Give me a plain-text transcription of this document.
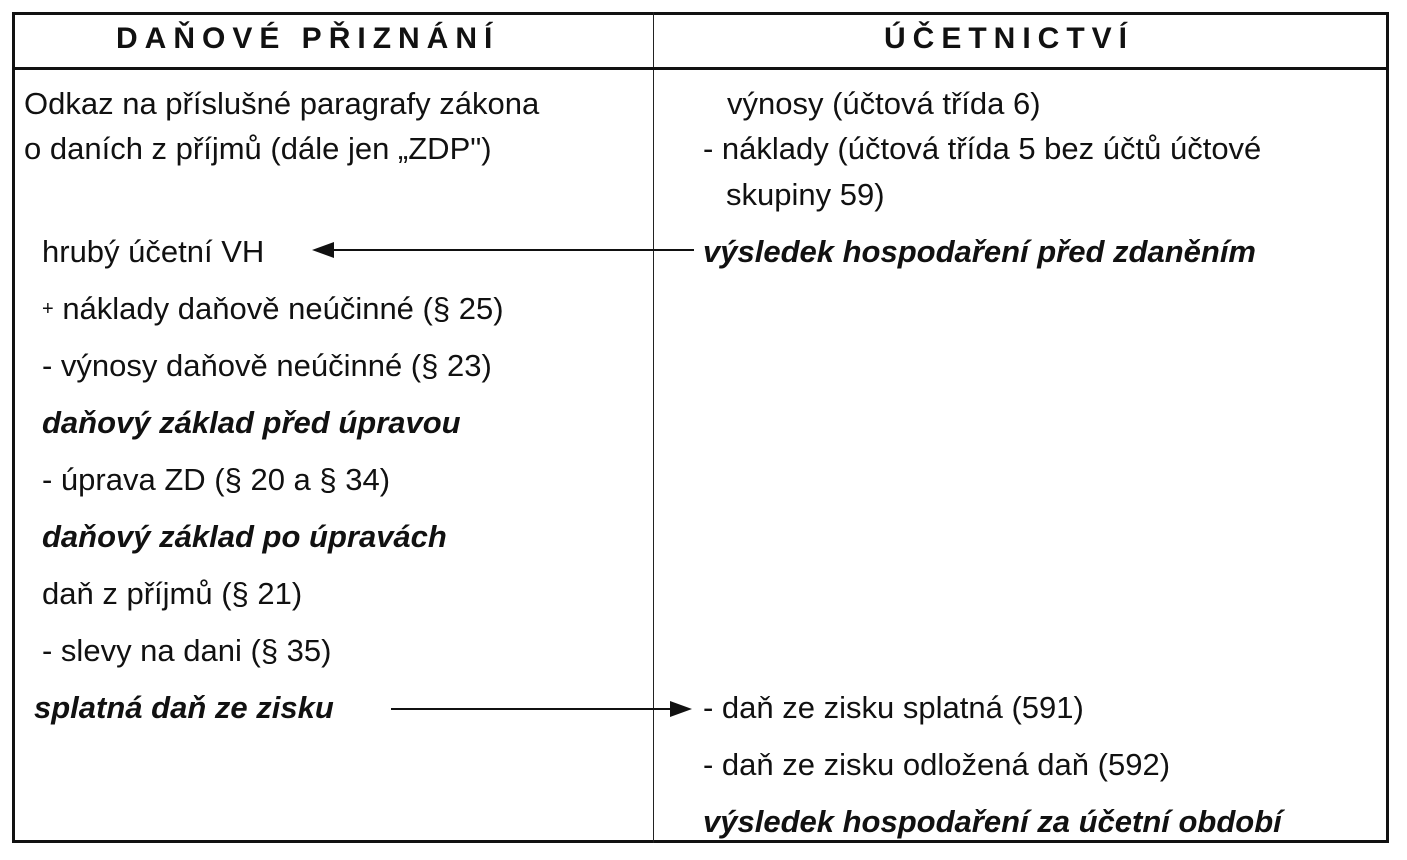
DAŇOVÉ PŘIZNÁNÍ	ÚČETNICTVÍ
Odkaz na příslušné paragrafy zákona
o daních z příjmů (dále jen „ZDP")
hrubý účetní VH
+ náklady daňově neúčinné (§ 25)
- výnosy daňově neúčinné (§ 23)
daňový základ před úpravou
- úprava ZD (§ 20 a § 34)
daňový základ po úpravách
daň z příjmů (§ 21)
- slevy na dani (§ 35)
splatná daň ze zisku
výnosy (účtová třída 6)
- náklady (účtová třída 5 bez účtů účtové
skupiny 59)
výsledek hospodaření před zdaněním
- daň ze zisku splatná (591)
- daň ze zisku odložená daň (592)
výsledek hospodaření za účetní období
